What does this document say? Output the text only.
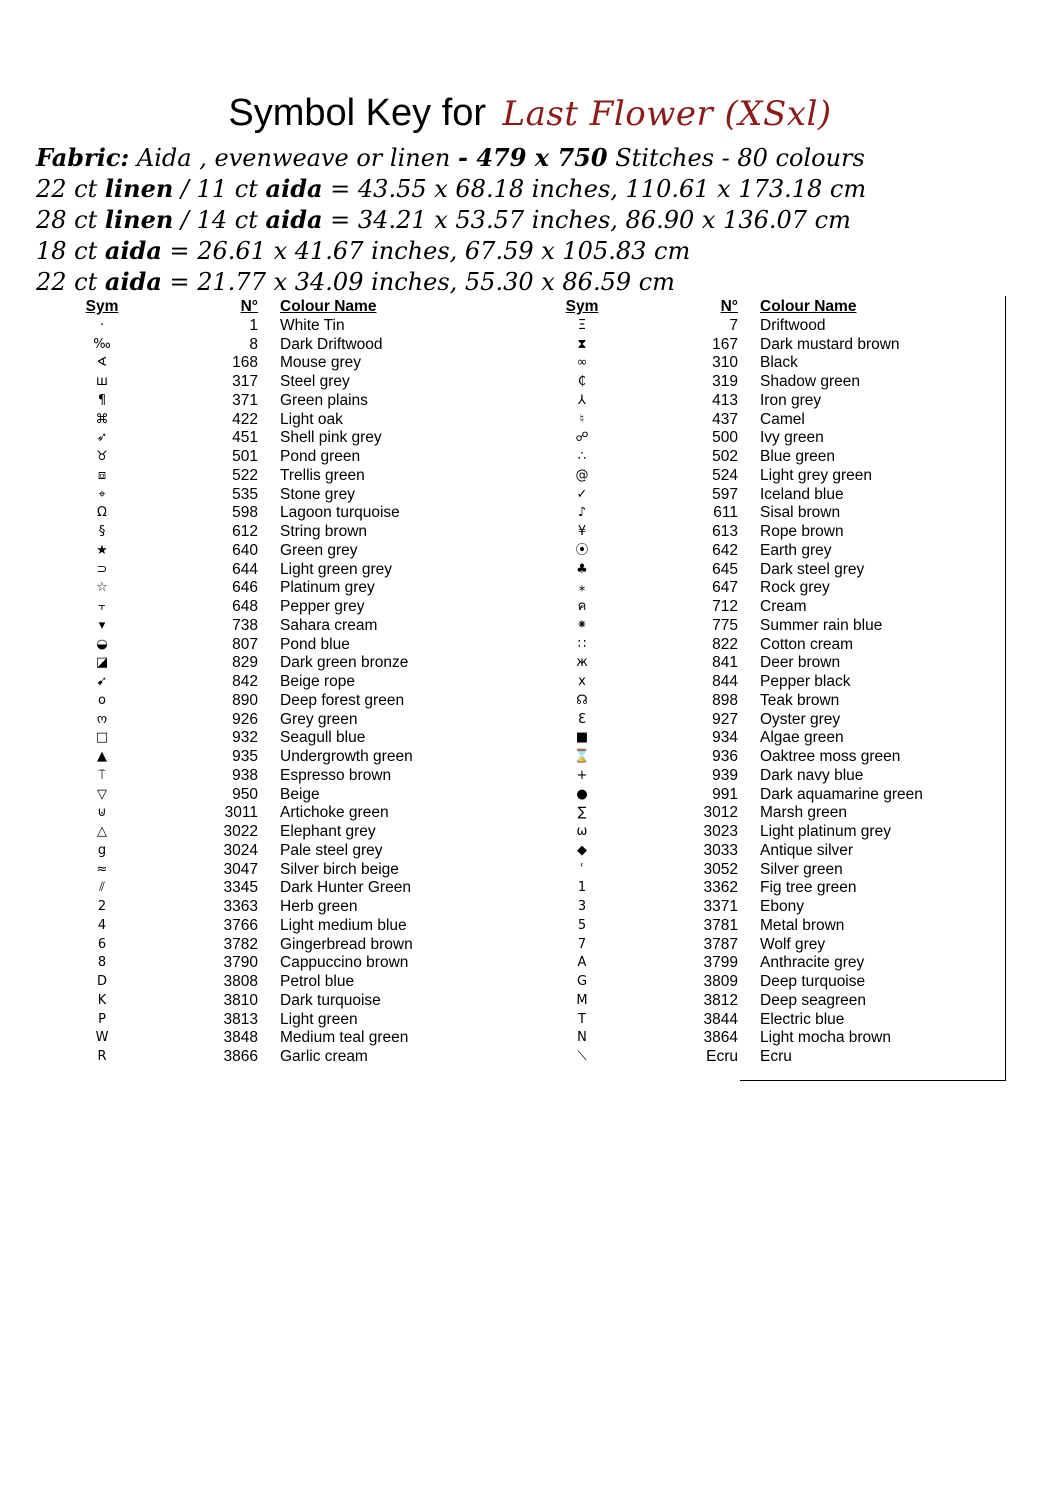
Symbol Key for Last Flower (XSxl)
Fabric: Aida , evenweave or linen - 479 x 750 Stitches - 80 colours
22 ct linen / 11 ct aida = 43.55 x 68.18 inches, 110.61 x 173.18 cm
28 ct linen / 14 ct aida = 34.21 x 53.57 inches, 86.90 x 136.07 cm
18 ct aida = 26.61 x 41.67 inches, 67.59 x 105.83 cm
22 ct aida = 21.77 x 34.09 inches, 55.30 x 86.59 cm
Sym	N° Colour Name
·	1 White Tin
‰	8 Dark Driftwood
∢	168 Mouse grey
ш	317 Steel grey
¶	371 Green plains
⌘	422 Light oak
➶	451 Shell pink grey
♉	501 Pond green
⧈	522 Trellis green
⌖	535 Stone grey
Ω	598 Lagoon turquoise
§	612 String brown
★	640 Green grey
⊃	644 Light green grey
☆	646 Platinum grey
⫟	648 Pepper grey
▾	738 Sahara cream
◒	807 Pond blue
◪	829 Dark green bronze
➹	842 Beige rope
o	890 Deep forest green
ო	926 Grey green
□	932 Seagull blue
▲	935 Undergrowth green
⍑	938 Espresso brown
▽	950 Beige
⊍	3011 Artichoke green
△	3022 Elephant grey
g	3024 Pale steel grey
≈	3047 Silver birch beige
⫽	3345 Dark Hunter Green
2	3363 Herb green
4	3766 Light medium blue
6	3782 Gingerbread brown
8	3790 Cappuccino brown
D	3808 Petrol blue
K	3810 Dark turquoise
P	3813 Light green
W	3848 Medium teal green
R	3866 Garlic cream
Sym	N° Colour Name
Ξ	7 Driftwood
⧗	167 Dark mustard brown
∞	310 Black
₵	319 Shadow green
⅄	413 Iron grey
♮	437 Camel
☍	500 Ivy green
∴	502 Blue green
@	524 Light grey green
✓	597 Iceland blue
♪	611 Sisal brown
¥	613 Rope brown
⦿	642 Earth grey
♣	645 Dark steel grey
⁎	647 Rock grey
ค	712 Cream
⁕	775 Summer rain blue
∷	822 Cotton cream
ж	841 Deer brown
x	844 Pepper black
☊	898 Teak brown
Ɛ	927 Oyster grey
■	934 Algae green
⌛	936 Oaktree moss green
+	939 Dark navy blue
●	991 Dark aquamarine green
∑	3012 Marsh green
ω	3023 Light platinum grey
◆	3033 Antique silver
ʿ	3052 Silver green
1	3362 Fig tree green
3	3371 Ebony
5	3781 Metal brown
7	3787 Wolf grey
A	3799 Anthracite grey
G	3809 Deep turquoise
M	3812 Deep seagreen
T	3844 Electric blue
N	3864 Light mocha brown
⟍	Ecru Ecru
